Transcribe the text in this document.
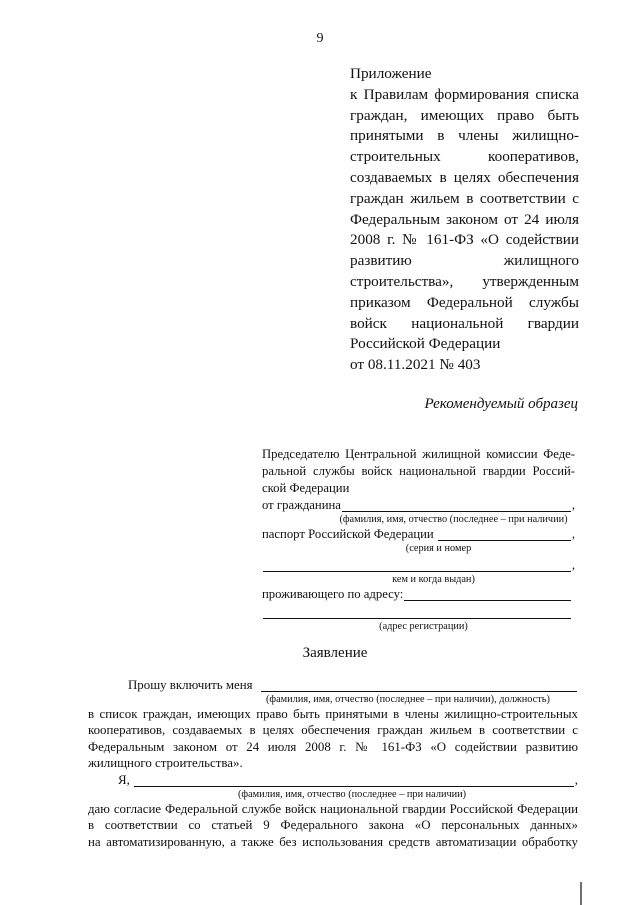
9
Приложение
к Правилам формирования списка
граждан, имеющих право быть
принятыми в члены жилищно-
строительных кооперативов,
создаваемых в целях обеспечения
граждан жильем в соответствии с
Федеральным законом от 24 июля
2008 г. № 161-ФЗ «О содействии
развитию жилищного
строительства», утвержденным
приказом Федеральной службы
войск национальной гвардии
Российской Федерации
от 08.11.2021 № 403
Рекомендуемый образец
Председателю Центральной жилищной комиссии Феде-
ральной службы войск национальной гвардии Россий-
ской Федерации
от гражданина	,
(фамилия, имя, отчество (последнее – при наличии)
паспорт Российской Федерации	,
(серия и номер
,
кем и когда выдан)
проживающего по адресу:
(адрес регистрации)
Заявление
Прошу включить меня
(фамилия, имя, отчество (последнее – при наличии), должность)
в список граждан, имеющих право быть принятыми в члены жилищно-строительных
кооперативов, создаваемых в целях обеспечения граждан жильем в соответствии с
Федеральным законом от 24 июля 2008 г. № 161-ФЗ «О содействии развитию
жилищного строительства».
Я,	,
(фамилия, имя, отчество (последнее – при наличии)
даю согласие Федеральной службе войск национальной гвардии Российской Федерации
в соответствии со статьей 9 Федерального закона «О персональных данных»
на автоматизированную, а также без использования средств автоматизации обработку
